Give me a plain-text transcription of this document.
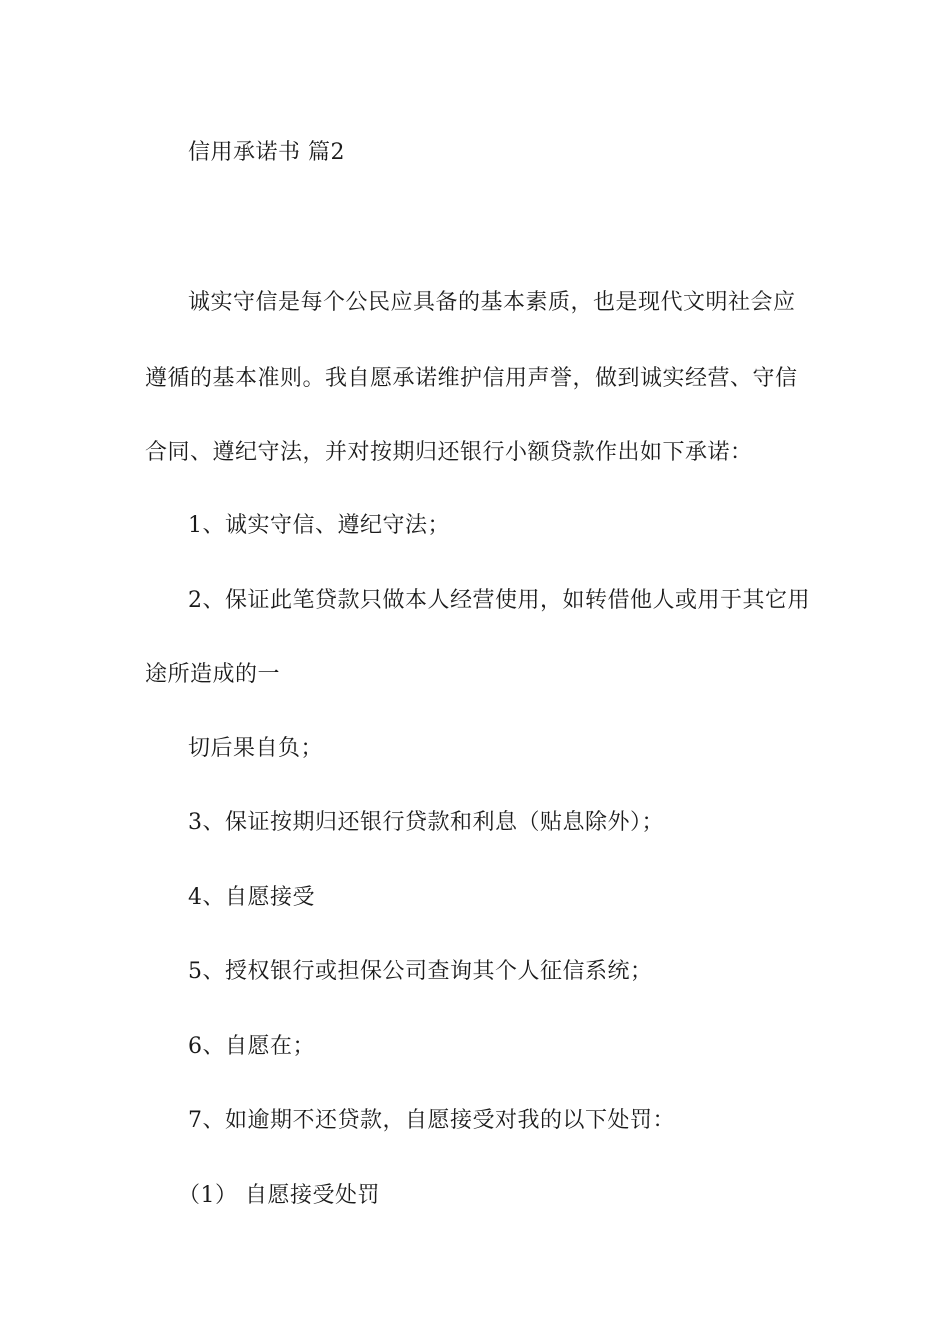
信用承诺书 篇2
诚实守信是每个公民应具备的基本素质，也是现代文明社会应
遵循的基本准则。我自愿承诺维护信用声誉，做到诚实经营、守信
合同、遵纪守法，并对按期归还银行小额贷款作出如下承诺：
1、诚实守信、遵纪守法；
2、保证此笔贷款只做本人经营使用，如转借他人或用于其它用
途所造成的一
切后果自负；
3、保证按期归还银行贷款和利息（贴息除外）；
4、自愿接受
5、授权银行或担保公司查询其个人征信系统；
6、自愿在；
7、如逾期不还贷款，自愿接受对我的以下处罚：
（1） 自愿接受处罚
